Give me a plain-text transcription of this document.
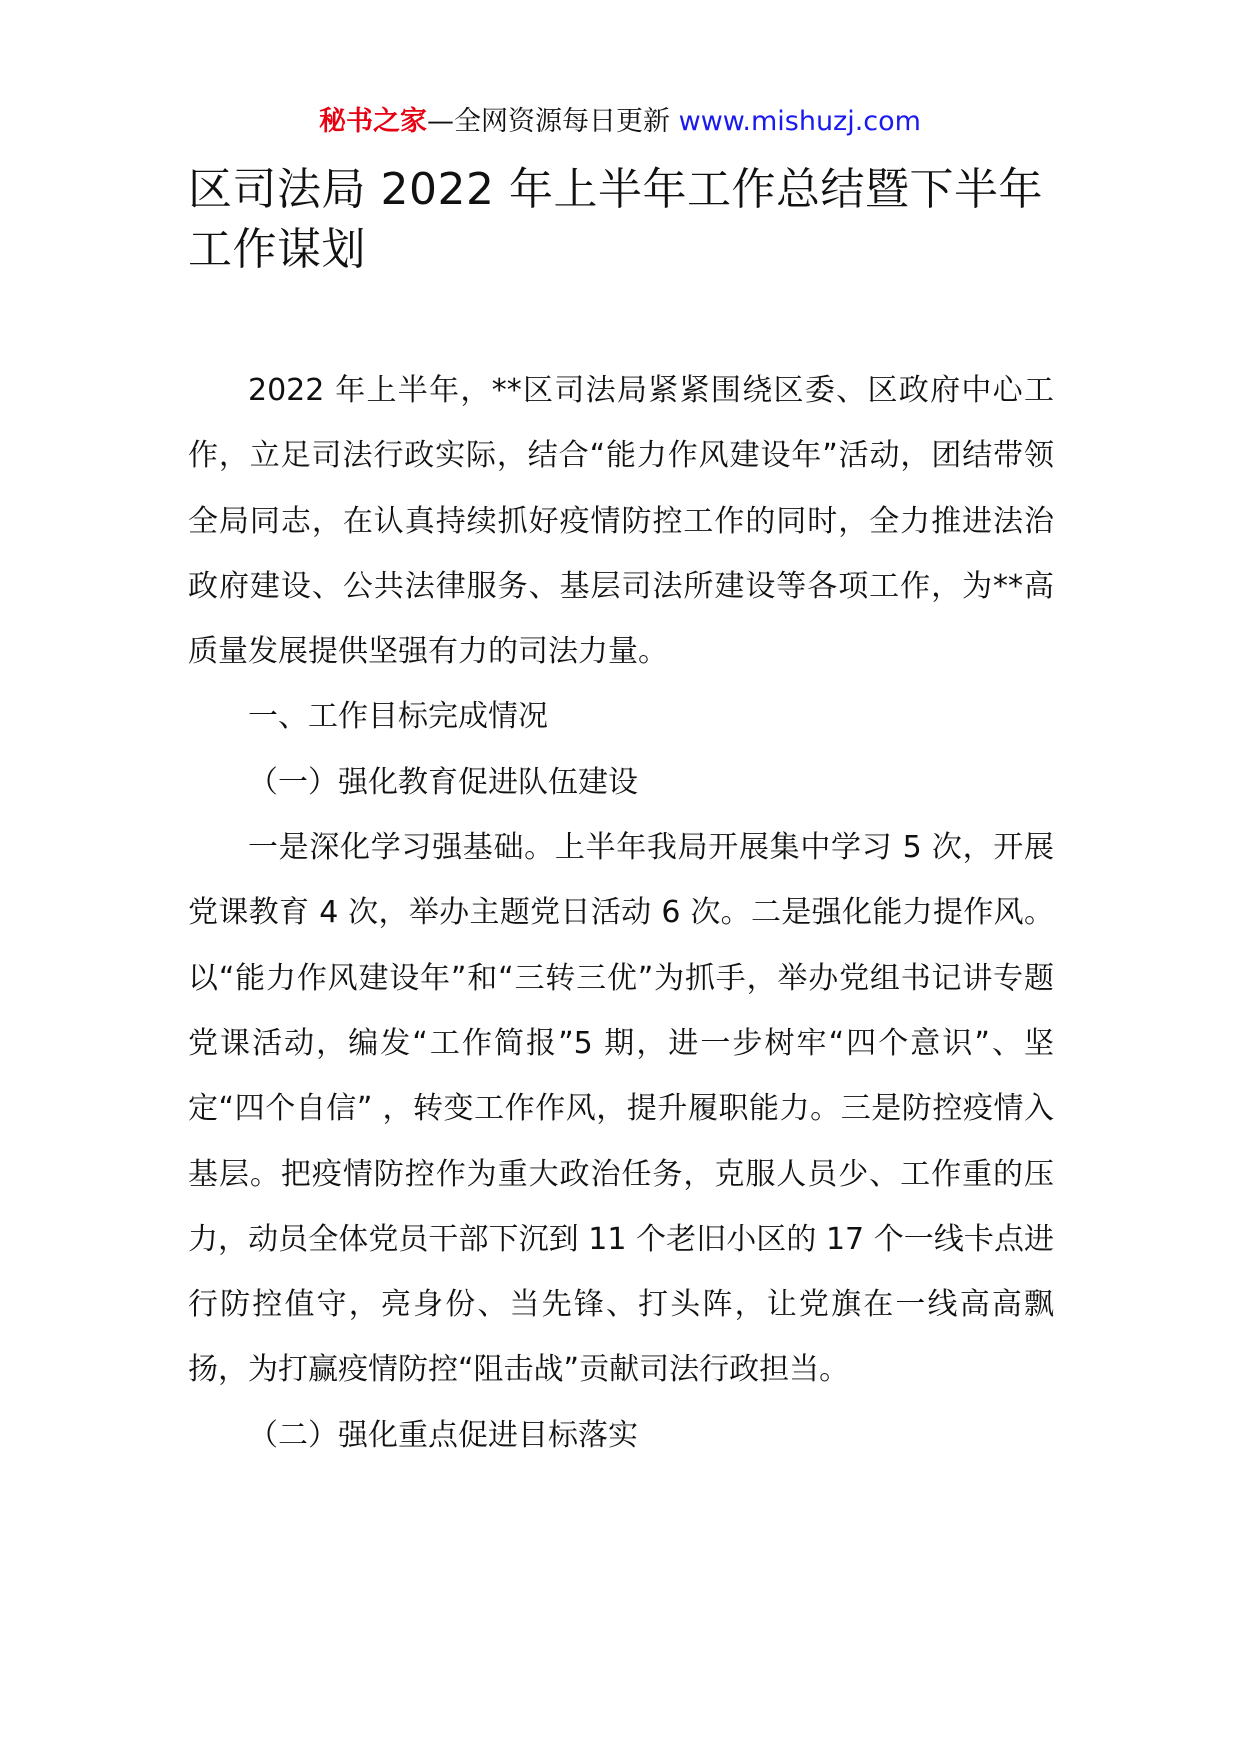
秘书之家—全网资源每日更新 www.mishuzj.com
区司法局 2022 年上半年工作总结暨下半年工作谋划

2022 年上半年，**区司法局紧紧围绕区委、区政府中心工作，立足司法行政实际，结合“能力作风建设年”活动，团结带领全局同志，在认真持续抓好疫情防控工作的同时，全力推进法治政府建设、公共法律服务、基层司法所建设等各项工作，为**高质量发展提供坚强有力的司法力量。

一、工作目标完成情况

（一）强化教育促进队伍建设

一是深化学习强基础。上半年我局开展集中学习 5 次，开展党课教育 4 次，举办主题党日活动 6 次。二是强化能力提作风。以“能力作风建设年”和“三转三优”为抓手，举办党组书记讲专题党课活动，编发“工作简报”5 期，进一步树牢“四个意识”、坚定“四个自信” ，转变工作作风，提升履职能力。三是防控疫情入基层。把疫情防控作为重大政治任务，克服人员少、工作重的压力，动员全体党员干部下沉到 11 个老旧小区的 17 个一线卡点进行防控值守，亮身份、当先锋、打头阵，让党旗在一线高高飘扬，为打赢疫情防控“阻击战”贡献司法行政担当。

（二）强化重点促进目标落实
